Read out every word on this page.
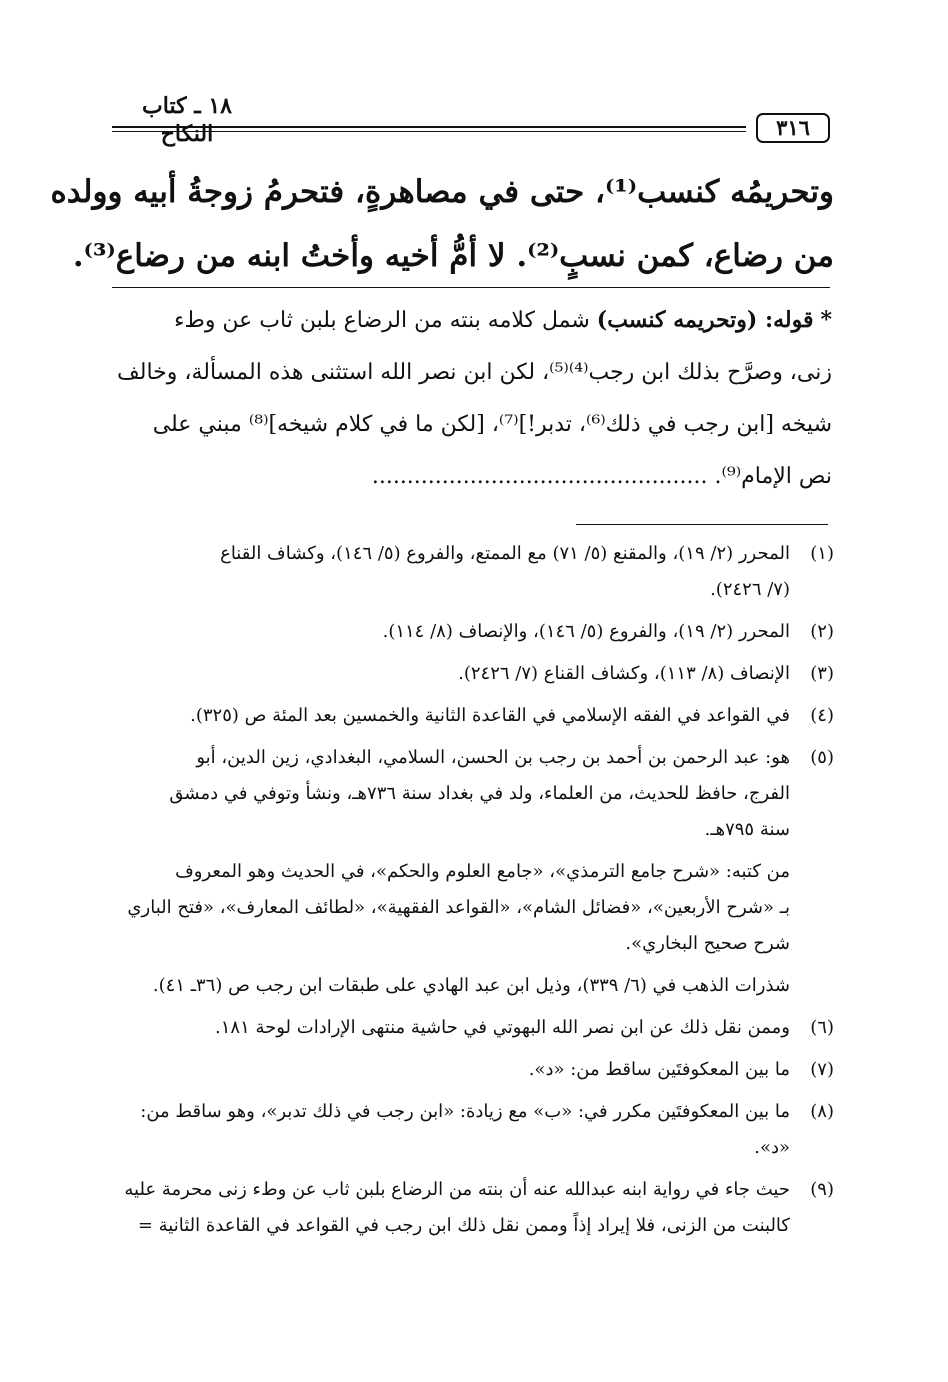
١٨ ـ كتاب النكاح	٣١٦
وتحريمُه كنسب⁽¹⁾، حتى في مصاهرةٍ، فتحرمُ زوجةُ أبيه وولده
من رضاع، كمن نسبٍ⁽²⁾. لا أمُّ أخيه وأختُ ابنه من رضاع⁽³⁾.
* قوله: (وتحريمه كنسب) شمل كلامه بنته من الرضاع بلبن ثاب عن وطء
زنى، وصرَّح بذلك ابن رجب⁽⁴⁾⁽⁵⁾، لكن ابن نصر الله استثنى هذه المسألة، وخالف
شيخه [ابن رجب في ذلك⁽⁶⁾، تدبر!]⁽⁷⁾، [لكن ما في كلام شيخه]⁽⁸⁾ مبني على
نص الإمام⁽⁹⁾. ................................................
(١)
المحرر (٢/ ١٩)، والمقنع (٥/ ٧١) مع الممتع، والفروع (٥/ ١٤٦)، وكشاف القناع
(٧/ ٢٤٢٦).
(٢)
المحرر (٢/ ١٩)، والفروع (٥/ ١٤٦)، والإنصاف (٨/ ١١٤).
(٣)
الإنصاف (٨/ ١١٣)، وكشاف القناع (٧/ ٢٤٢٦).
(٤)
في القواعد في الفقه الإسلامي في القاعدة الثانية والخمسين بعد المئة ص (٣٢٥).
(٥)
هو: عبد الرحمن بن أحمد بن رجب بن الحسن، السلامي، البغدادي، زين الدين، أبو
الفرج، حافظ للحديث، من العلماء، ولد في بغداد سنة ٧٣٦هـ، ونشأ وتوفي في دمشق
سنة ٧٩٥هـ.
من كتبه: «شرح جامع الترمذي»، «جامع العلوم والحكم»، في الحديث وهو المعروف
بـ «شرح الأربعين»، «فضائل الشام»، «القواعد الفقهية»، «لطائف المعارف»، «فتح الباري
شرح صحيح البخاري».
شذرات الذهب في (٦/ ٣٣٩)، وذيل ابن عبد الهادي على طبقات ابن رجب ص (٣٦ـ ٤١).
(٦)
وممن نقل ذلك عن ابن نصر الله البهوتي في حاشية منتهى الإرادات لوحة ١٨١.
(٧)
ما بين المعكوفتَين ساقط من: «د».
(٨)
ما بين المعكوفتَين مكرر في: «ب» مع زيادة: «ابن رجب في ذلك تدبر»، وهو ساقط من:
«د».
(٩)
حيث جاء في رواية ابنه عبدالله عنه أن بنته من الرضاع بلبن ثاب عن وطء زنى محرمة عليه
كالبنت من الزنى، فلا إيراد إذاً وممن نقل ذلك ابن رجب في القواعد في القاعدة الثانية =
